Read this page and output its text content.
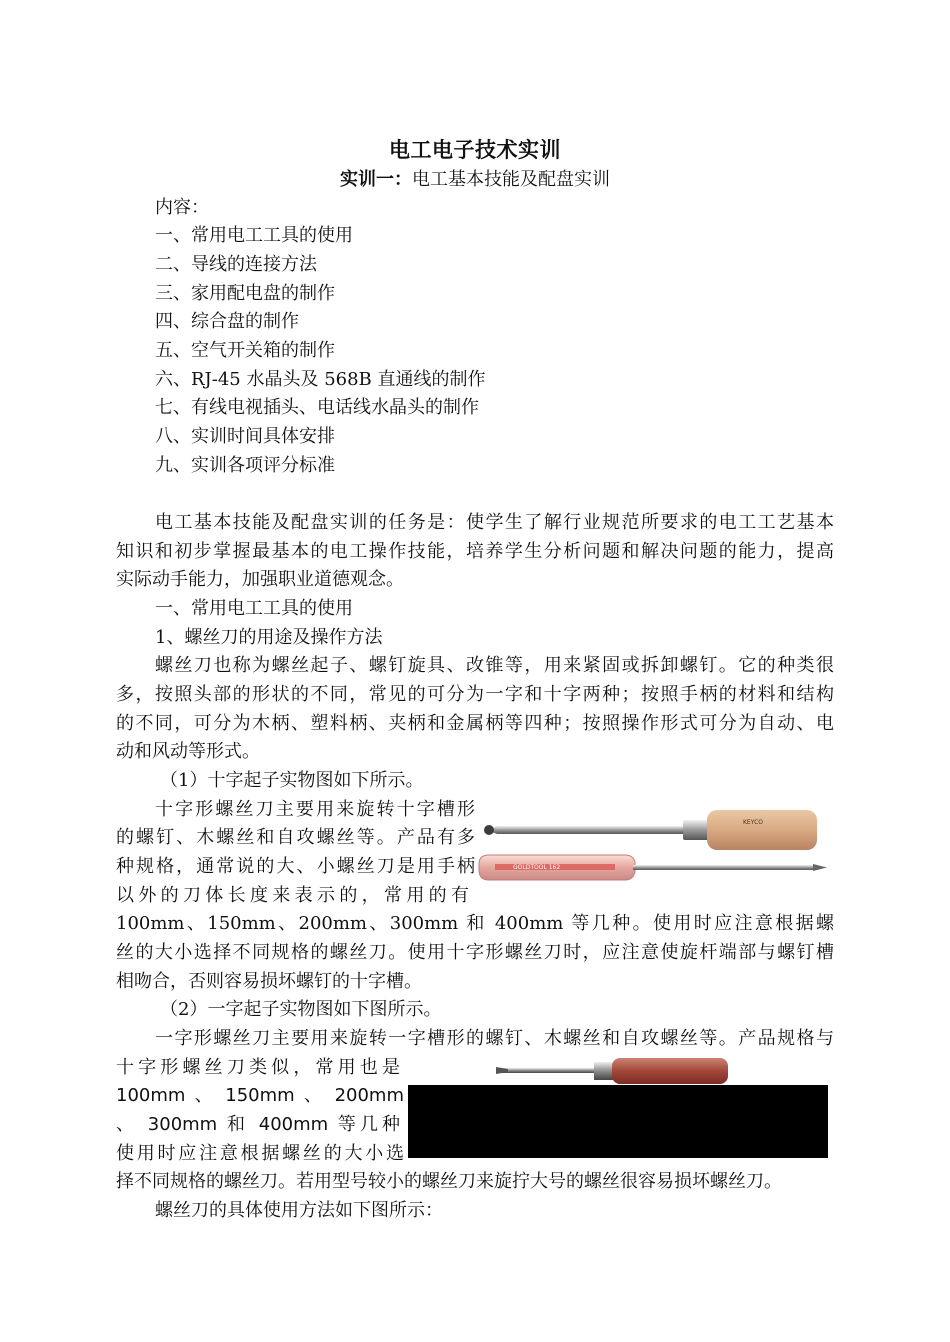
电工电子技术实训
实训一：电工基本技能及配盘实训
内容：
一、常用电工工具的使用
二、导线的连接方法
三、家用配电盘的制作
四、综合盘的制作
五、空气开关箱的制作
六、RJ-45 水晶头及 568B 直通线的制作
七、有线电视插头、电话线水晶头的制作
八、实训时间具体安排
九、实训各项评分标准
电工基本技能及配盘实训的任务是：使学生了解行业规范所要求的电工工艺基本
知识和初步掌握最基本的电工操作技能，培养学生分析问题和解决问题的能力，提高
实际动手能力，加强职业道德观念。
一、常用电工工具的使用
1、螺丝刀的用途及操作方法
螺丝刀也称为螺丝起子、螺钉旋具、改锥等，用来紧固或拆卸螺钉。它的种类很
多，按照头部的形状的不同，常见的可分为一字和十字两种；按照手柄的材料和结构
的不同，可分为木柄、塑料柄、夹柄和金属柄等四种；按照操作形式可分为自动、电
动和风动等形式。
（1）十字起子实物图如下所示。
十字形螺丝刀主要用来旋转十字槽形
的螺钉、木螺丝和自攻螺丝等。产品有多
种规格，通常说的大、小螺丝刀是用手柄
以外的刀体长度来表示的，常用的有
100mm、150mm、200mm、300mm 和 400mm 等几种。使用时应注意根据螺
丝的大小选择不同规格的螺丝刀。使用十字形螺丝刀时，应注意使旋杆端部与螺钉槽
相吻合，否则容易损坏螺钉的十字槽。
（2）一字起子实物图如下图所示。
一字形螺丝刀主要用来旋转一字槽形的螺钉、木螺丝和自攻螺丝等。产品规格与
十字形螺丝刀类似，常用也是
100mm 、 150mm 、 200mm
、 300mm 和 400mm 等几种
使用时应注意根据螺丝的大小选
择不同规格的螺丝刀。若用型号较小的螺丝刀来旋拧大号的螺丝很容易损坏螺丝刀。
螺丝刀的具体使用方法如下图所示：
KEYCO
GOLDTOOL 162
